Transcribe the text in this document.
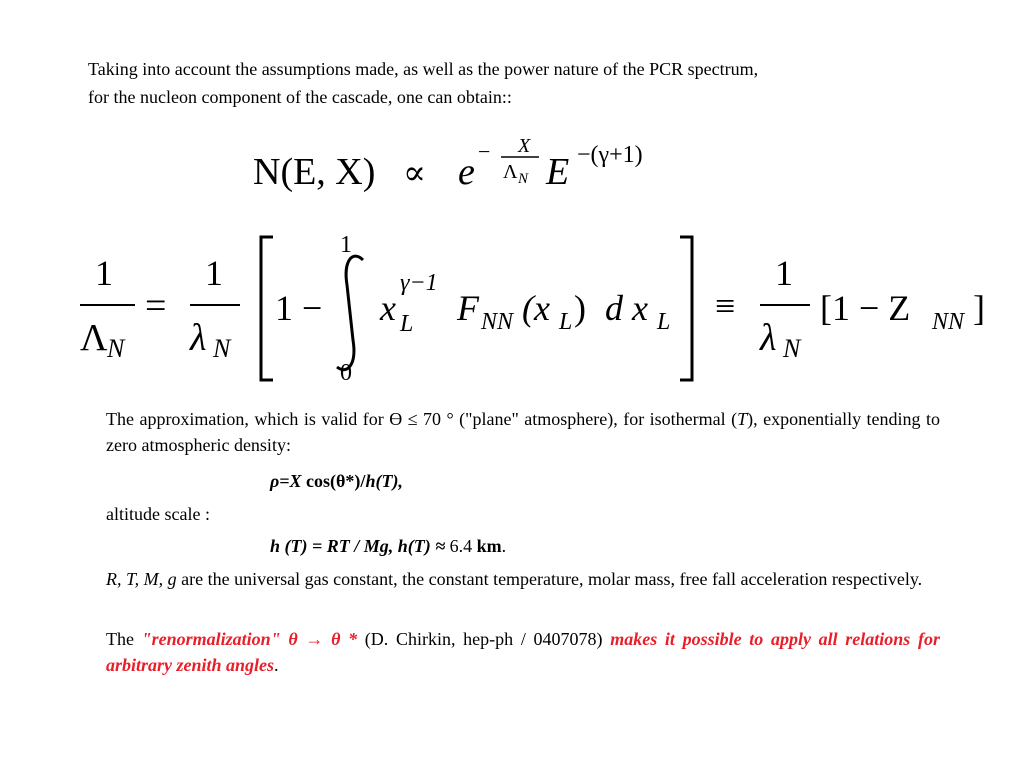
Taking into account the assumptions made, as well as the power nature of the PCR spectrum,
for the nucleon component of the cascade, one can obtain::
N(E, X) ∝ e − X
Λ N E −(γ+1)
1
Λ N
=
1
λ N
1 −
1
0
x
γ−1
L F NN (x L ) d x L ≡
1
λ N
[1 − Z NN ]
The approximation, which is valid for ϴ ≤ 70 ° ("plane" atmosphere), for isothermal (T), exponentially tending to zero atmospheric density:
ρ=X cos(θ*)/h(T),
altitude scale :
h (T) = RT / Mg, h(T) ≈ 6.4 km.
R, T, M, g are the universal gas constant, the constant temperature, molar mass, free fall acceleration respectively.
The "renormalization" θ → θ * (D. Chirkin, hep-ph / 0407078) makes it possible to apply all relations for arbitrary zenith angles.
